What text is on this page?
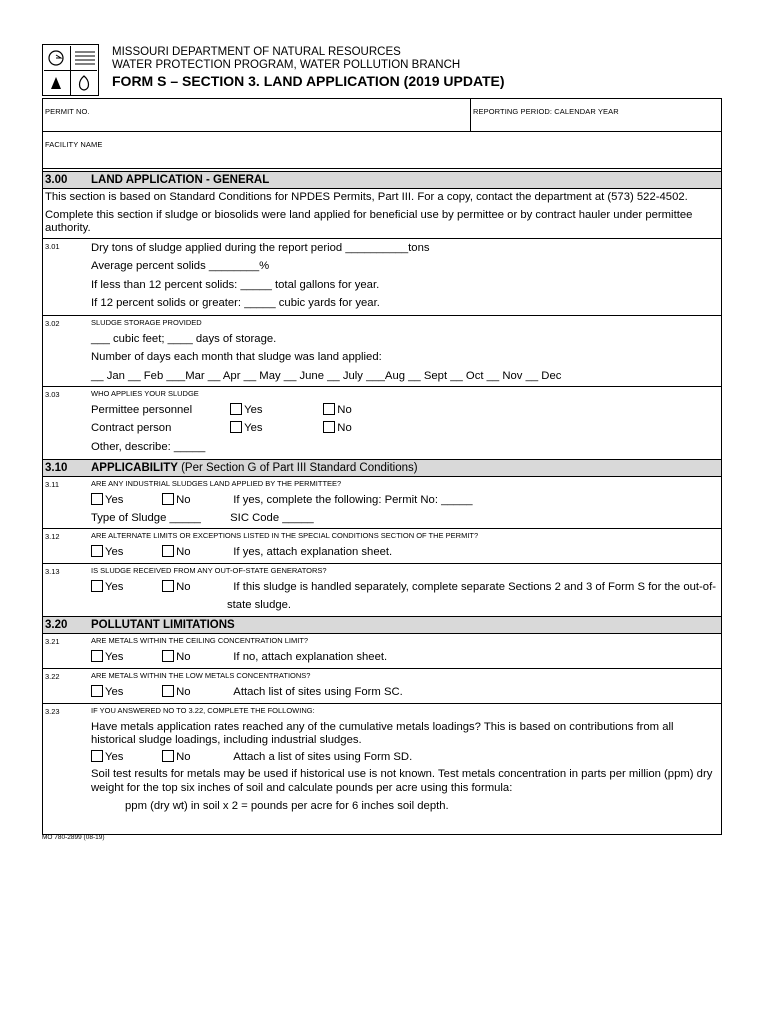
MISSOURI DEPARTMENT OF NATURAL RESOURCES
WATER PROTECTION PROGRAM, WATER POLLUTION BRANCH
FORM S – SECTION 3. LAND APPLICATION (2019 UPDATE)
PERMIT NO.	REPORTING PERIOD: CALENDAR YEAR
FACILITY NAME
3.00 LAND APPLICATION - GENERAL
This section is based on Standard Conditions for NPDES Permits, Part III. For a copy, contact the department at (573) 522-4502.
Complete this section if sludge or biosolids were land applied for beneficial use by permittee or by contract hauler under permittee authority.
3.01	Dry tons of sludge applied during the report period __________tons
Average percent solids ________%
If less than 12 percent solids: _____ total gallons for year.
If 12 percent solids or greater: _____ cubic yards for year.
3.02	SLUDGE STORAGE PROVIDED
___ cubic feet; ____ days of storage.
Number of days each month that sludge was land applied:
__ Jan __ Feb ___Mar __ Apr __ May __ June __ July ___Aug __ Sept __ Oct __ Nov __ Dec
3.03	WHO APPLIES YOUR SLUDGE
Permittee personnel	Yes	No
Contract person	Yes	No
Other, describe: _____
3.10 APPLICABILITY (Per Section G of Part III Standard Conditions)
3.11	ARE ANY INDUSTRIAL SLUDGES LAND APPLIED BY THE PERMITTEE?
Yes	No	If yes, complete the following: Permit No: _____
Type of Sludge _____	SIC Code _____
3.12	ARE ALTERNATE LIMITS OR EXCEPTIONS LISTED IN THE SPECIAL CONDITIONS SECTION OF THE PERMIT?
Yes	No	If yes, attach explanation sheet.
3.13	IS SLUDGE RECEIVED FROM ANY OUT-OF-STATE GENERATORS?
Yes	No	If this sludge is handled separately, complete separate Sections 2 and 3 of Form S for the out-of-
state sludge.
3.20 POLLUTANT LIMITATIONS
3.21	ARE METALS WITHIN THE CEILING CONCENTRATION LIMIT?
Yes	No	If no, attach explanation sheet.
3.22	ARE METALS WITHIN THE LOW METALS CONCENTRATIONS?
Yes	No	Attach list of sites using Form SC.
3.23	IF YOU ANSWERED NO TO 3.22, COMPLETE THE FOLLOWING:
Have metals application rates reached any of the cumulative metals loadings? This is based on contributions from all historical sludge loadings, including industrial sludges.
Yes	No	Attach a list of sites using Form SD.
Soil test results for metals may be used if historical use is not known. Test metals concentration in parts per million (ppm) dry weight for the top six inches of soil and calculate pounds per acre using this formula:
ppm (dry wt) in soil x 2 = pounds per acre for 6 inches soil depth.
MO 780-2899 (08-19)
